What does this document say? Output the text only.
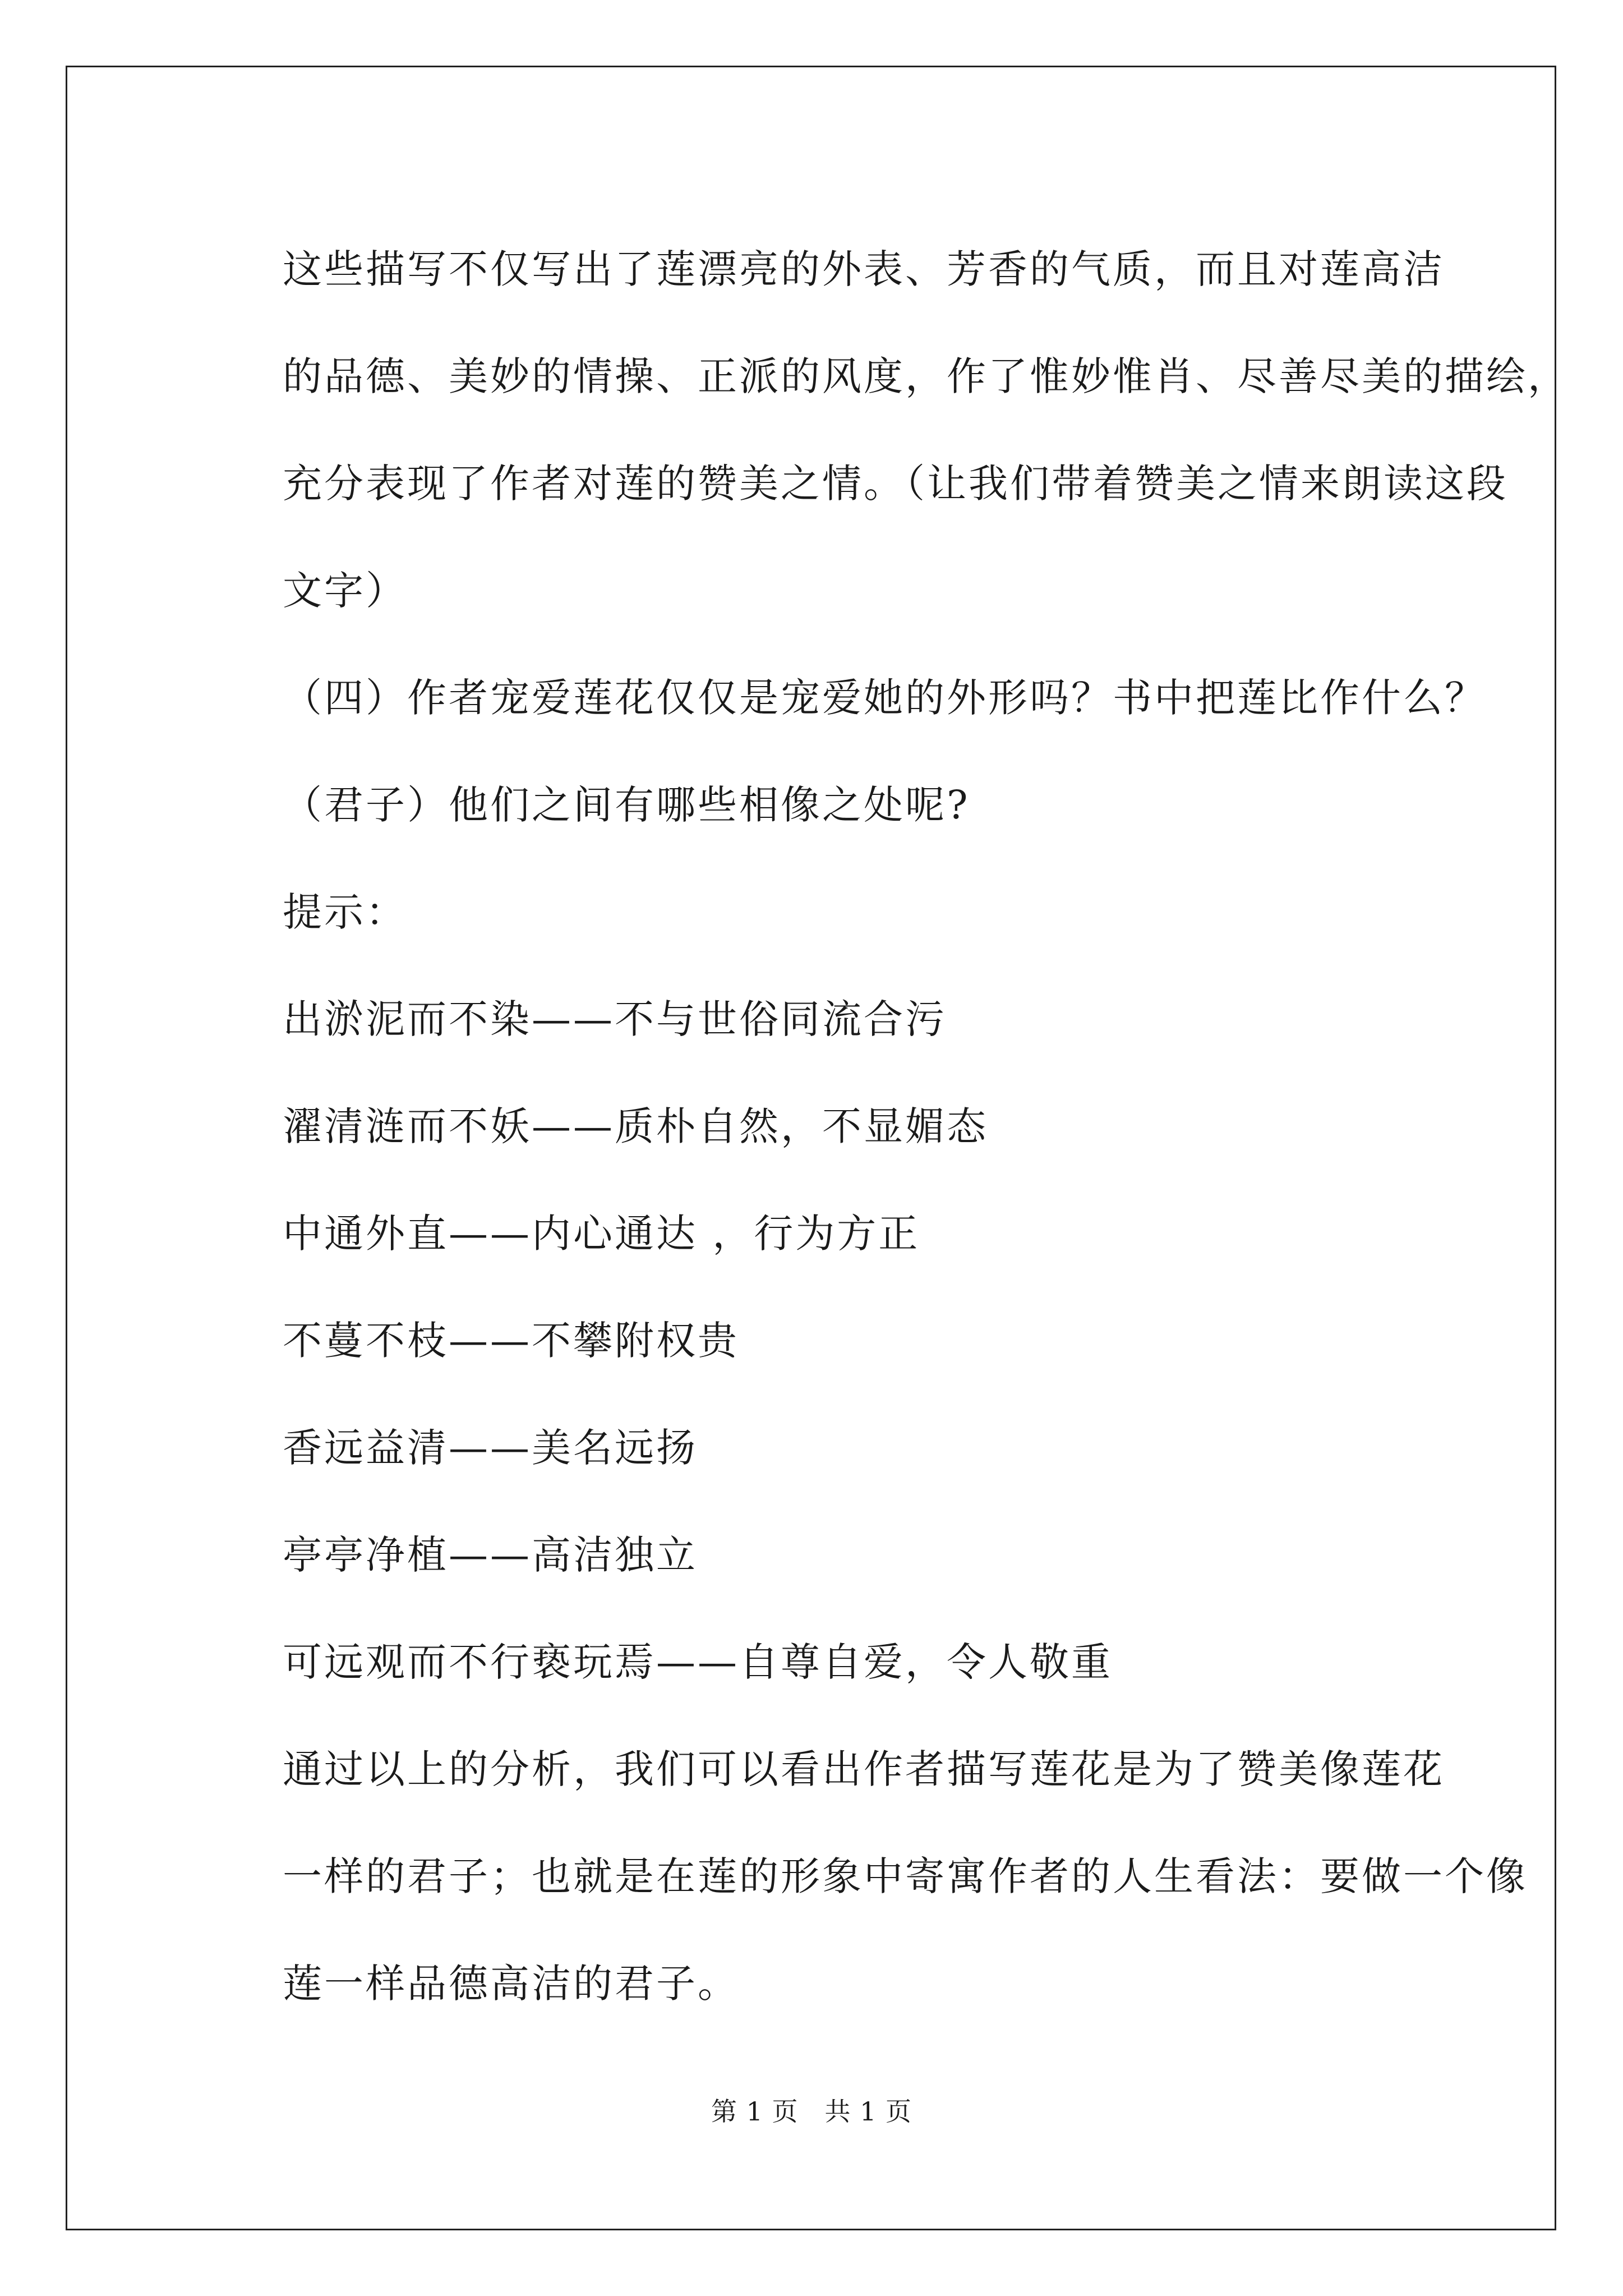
这些描写不仅写出了莲漂亮的外表、芳香的气质，而且对莲高洁
的品德、美妙的情操、正派的风度，作了惟妙惟肖、尽善尽美的描绘，
充分表现了作者对莲的赞美之情。（让我们带着赞美之情来朗读这段
文字）

（四）作者宠爱莲花仅仅是宠爱她的外形吗？书中把莲比作什么？
（君子）他们之间有哪些相像之处呢?

提示：

出淤泥而不染——不与世俗同流合污

濯清涟而不妖——质朴自然，不显媚态

中通外直——内心通达 ，行为方正

不蔓不枝——不攀附权贵

香远益清——美名远扬

亭亭净植——高洁独立

可远观而不行亵玩焉——自尊自爱，令人敬重

通过以上的分析，我们可以看出作者描写莲花是为了赞美像莲花
一样的君子；也就是在莲的形象中寄寓作者的人生看法：要做一个像
莲一样品德高洁的君子。

第 1 页　共 1 页
